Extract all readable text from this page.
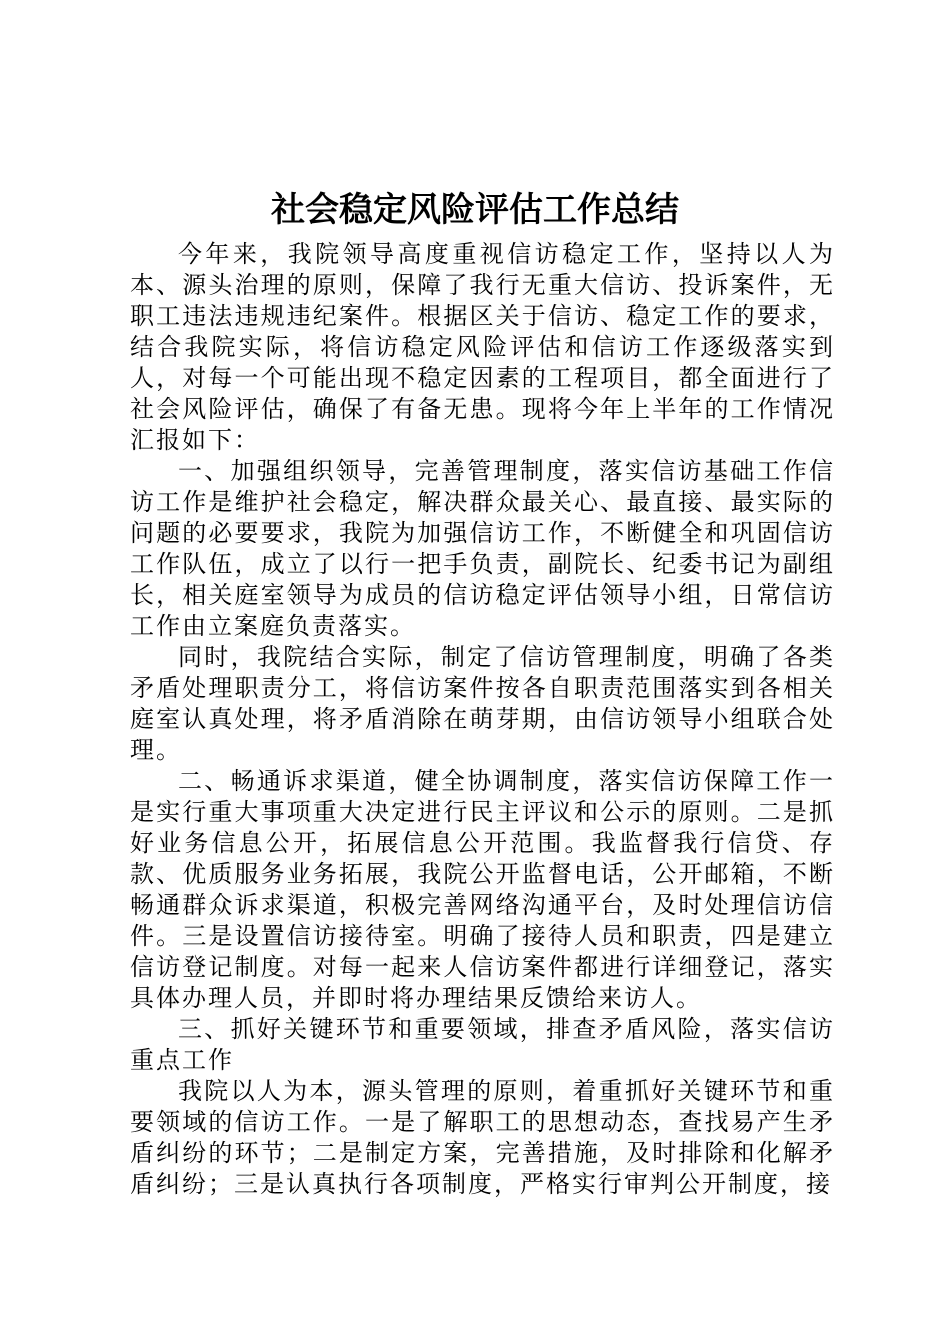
社会稳定风险评估工作总结

今年来，我院领导高度重视信访稳定工作，坚持以人为本、源头治理的原则，保障了我行无重大信访、投诉案件，无职工违法违规违纪案件。根据区关于信访、稳定工作的要求，结合我院实际，将信访稳定风险评估和信访工作逐级落实到人，对每一个可能出现不稳定因素的工程项目，都全面进行了社会风险评估，确保了有备无患。现将今年上半年的工作情况汇报如下：

一、加强组织领导，完善管理制度，落实信访基础工作信访工作是维护社会稳定，解决群众最关心、最直接、最实际的问题的必要要求，我院为加强信访工作，不断健全和巩固信访工作队伍，成立了以行一把手负责，副院长、纪委书记为副组长，相关庭室领导为成员的信访稳定评估领导小组，日常信访工作由立案庭负责落实。

同时，我院结合实际，制定了信访管理制度，明确了各类矛盾处理职责分工，将信访案件按各自职责范围落实到各相关庭室认真处理，将矛盾消除在萌芽期，由信访领导小组联合处理。

二、畅通诉求渠道，健全协调制度，落实信访保障工作一是实行重大事项重大决定进行民主评议和公示的原则。二是抓好业务信息公开，拓展信息公开范围。我监督我行信贷、存款、优质服务业务拓展，我院公开监督电话，公开邮箱，不断畅通群众诉求渠道，积极完善网络沟通平台，及时处理信访信件。三是设置信访接待室。明确了接待人员和职责，四是建立信访登记制度。对每一起来人信访案件都进行详细登记，落实具体办理人员，并即时将办理结果反馈给来访人。

三、抓好关键环节和重要领域，排查矛盾风险，落实信访重点工作

我院以人为本，源头管理的原则，着重抓好关键环节和重要领域的信访工作。一是了解职工的思想动态，查找易产生矛盾纠纷的环节；二是制定方案，完善措施，及时排除和化解矛盾纠纷；三是认真执行各项制度，严格实行审判公开制度，接
